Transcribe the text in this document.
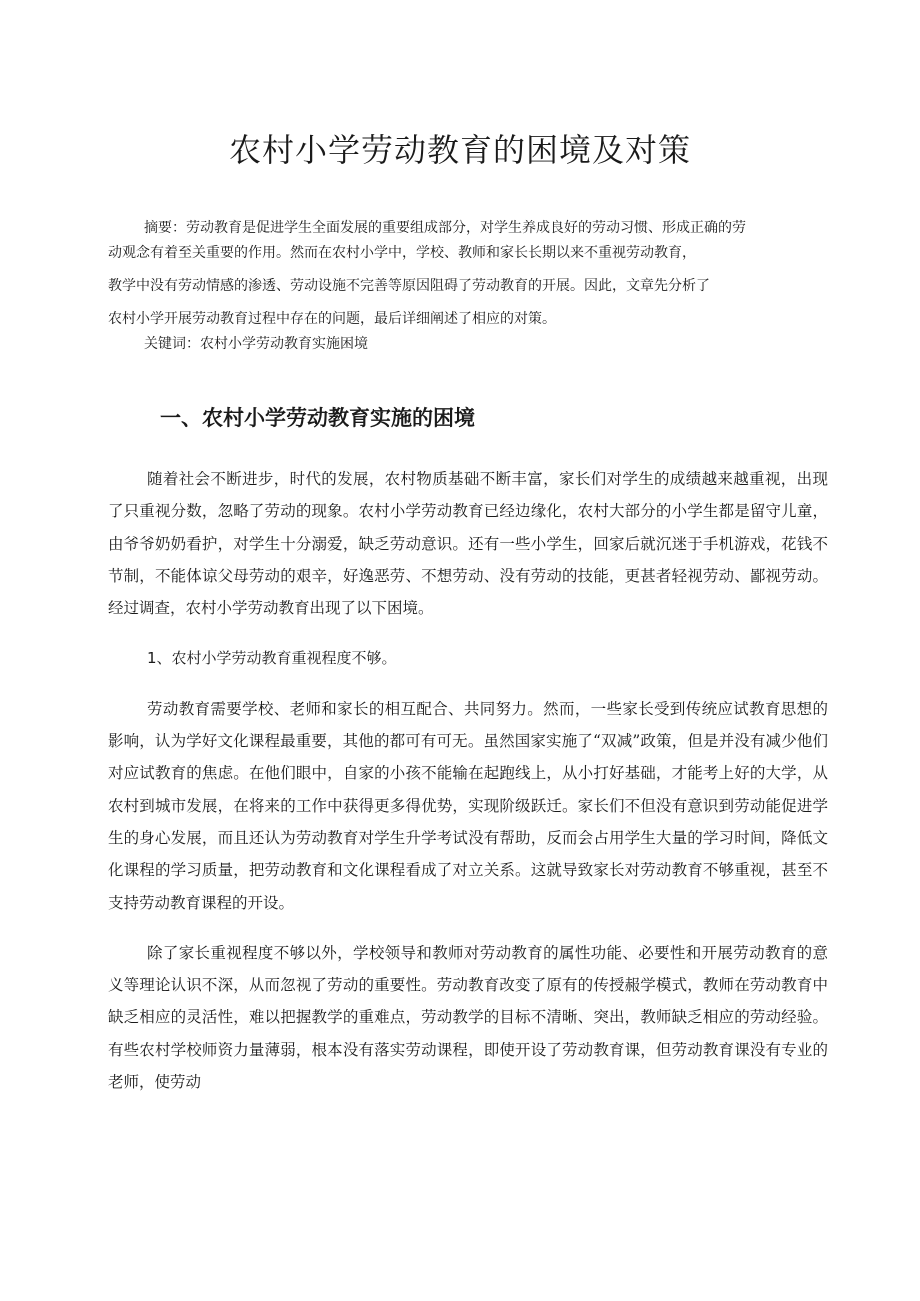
农村小学劳动教育的困境及对策

摘要：劳动教育是促进学生全面发展的重要组成部分，对学生养成良好的劳动习惯、形成正确的劳

动观念有着至关重要的作用。然而在农村小学中，学校、教师和家长长期以来不重视劳动教育，

教学中没有劳动情感的渗透、劳动设施不完善等原因阻碍了劳动教育的开展。因此，文章先分析了

农村小学开展劳动教育过程中存在的问题，最后详细阐述了相应的对策。

关键词：农村小学劳动教育实施困境

一、农村小学劳动教育实施的困境

随着社会不断进步，时代的发展，农村物质基础不断丰富，家长们对学生的成绩越来越重视，出现了只重视分数，忽略了劳动的现象。农村小学劳动教育已经边缘化，农村大部分的小学生都是留守儿童，由爷爷奶奶看护，对学生十分溺爱，缺乏劳动意识。还有一些小学生，回家后就沉迷于手机游戏，花钱不节制，不能体谅父母劳动的艰辛，好逸恶劳、不想劳动、没有劳动的技能，更甚者轻视劳动、鄙视劳动。经过调查，农村小学劳动教育出现了以下困境。

1、农村小学劳动教育重视程度不够。

劳动教育需要学校、老师和家长的相互配合、共同努力。然而，一些家长受到传统应试教育思想的影响，认为学好文化课程最重要，其他的都可有可无。虽然国家实施了“双减”政策，但是并没有减少他们对应试教育的焦虑。在他们眼中，自家的小孩不能输在起跑线上，从小打好基础，才能考上好的大学，从农村到城市发展，在将来的工作中获得更多得优势，实现阶级跃迁。家长们不但没有意识到劳动能促进学生的身心发展，而且还认为劳动教育对学生升学考试没有帮助，反而会占用学生大量的学习时间，降低文化课程的学习质量，把劳动教育和文化课程看成了对立关系。这就导致家长对劳动教育不够重视，甚至不支持劳动教育课程的开设。

除了家长重视程度不够以外，学校领导和教师对劳动教育的属性功能、必要性和开展劳动教育的意义等理论认识不深，从而忽视了劳动的重要性。劳动教育改变了原有的传授赧学模式，教师在劳动教育中缺乏相应的灵活性，难以把握教学的重难点，劳动教学的目标不清晰、突出，教师缺乏相应的劳动经验。有些农村学校师资力量薄弱，根本没有落实劳动课程，即使开设了劳动教育课，但劳动教育课没有专业的老师，使劳动
